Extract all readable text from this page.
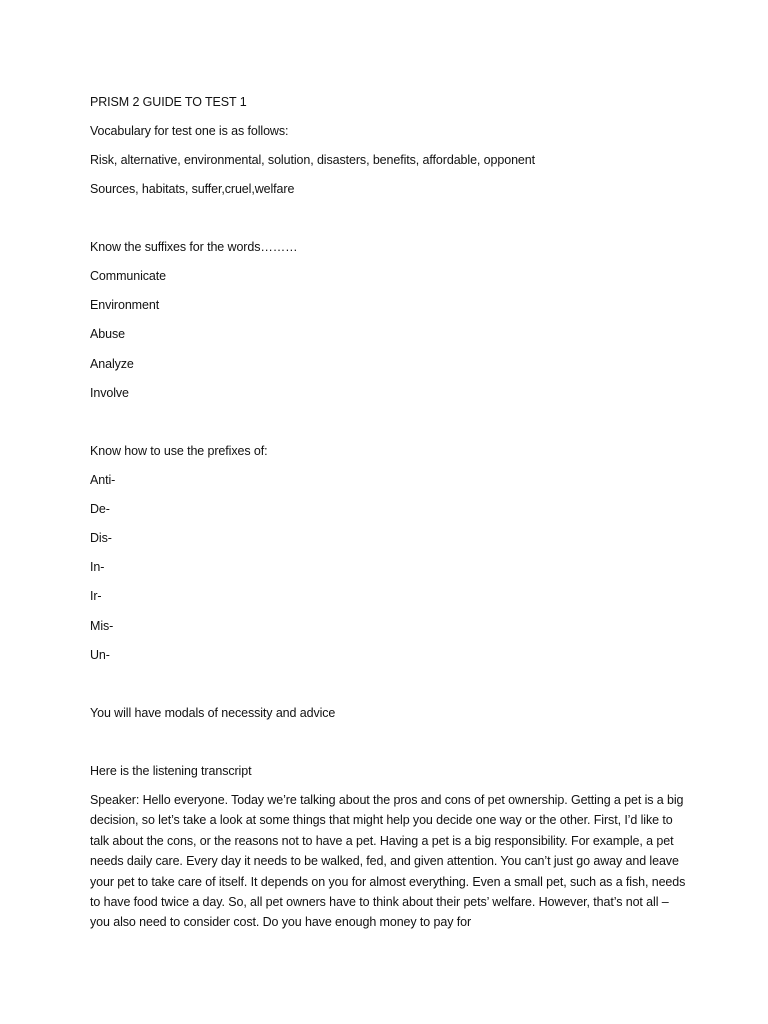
PRISM 2 GUIDE TO TEST 1
Vocabulary for test one is as follows:
Risk, alternative, environmental, solution, disasters, benefits, affordable, opponent
Sources, habitats, suffer,cruel,welfare
Know the suffixes for the words………
Communicate
Environment
Abuse
Analyze
Involve
Know how to use the prefixes of:
Anti-
De-
Dis-
In-
Ir-
Mis-
Un-
You will have modals of necessity and advice
Here is the listening transcript
Speaker: Hello everyone. Today we’re talking about the pros and cons of pet ownership. Getting a pet is a big decision, so let’s take a look at some things that might help you decide one way or the other. First, I’d like to talk about the cons, or the reasons not to have a pet. Having a pet is a big responsibility. For example, a pet needs daily care. Every day it needs to be walked, fed, and given attention. You can’t just go away and leave your pet to take care of itself. It depends on you for almost everything. Even a small pet, such as a fish, needs to have food twice a day. So, all pet owners have to think about their pets’ welfare. However, that’s not all – you also need to consider cost. Do you have enough money to pay for
